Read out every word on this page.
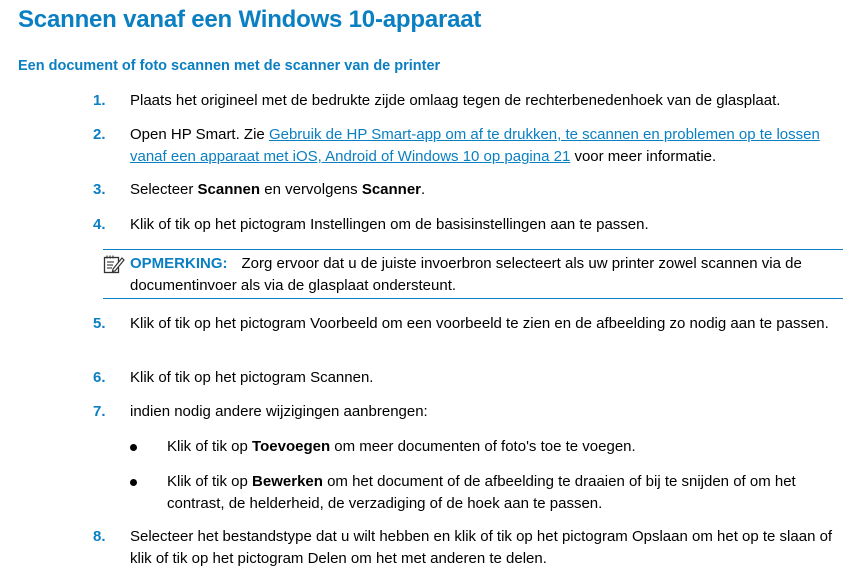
Scannen vanaf een Windows 10-apparaat
Een document of foto scannen met de scanner van de printer
1. Plaats het origineel met de bedrukte zijde omlaag tegen de rechterbenedenhoek van de glasplaat.
2. Open HP Smart. Zie Gebruik de HP Smart-app om af te drukken, te scannen en problemen op te lossen vanaf een apparaat met iOS, Android of Windows 10 op pagina 21 voor meer informatie.
3. Selecteer Scannen en vervolgens Scanner.
4. Klik of tik op het pictogram Instellingen om de basisinstellingen aan te passen.
OPMERKING: Zorg ervoor dat u de juiste invoerbron selecteert als uw printer zowel scannen via de documentinvoer als via de glasplaat ondersteunt.
5. Klik of tik op het pictogram Voorbeeld om een voorbeeld te zien en de afbeelding zo nodig aan te passen.
6. Klik of tik op het pictogram Scannen.
7. indien nodig andere wijzigingen aanbrengen:
Klik of tik op Toevoegen om meer documenten of foto's toe te voegen.
Klik of tik op Bewerken om het document of de afbeelding te draaien of bij te snijden of om het contrast, de helderheid, de verzadiging of de hoek aan te passen.
8. Selecteer het bestandstype dat u wilt hebben en klik of tik op het pictogram Opslaan om het op te slaan of klik of tik op het pictogram Delen om het met anderen te delen.
